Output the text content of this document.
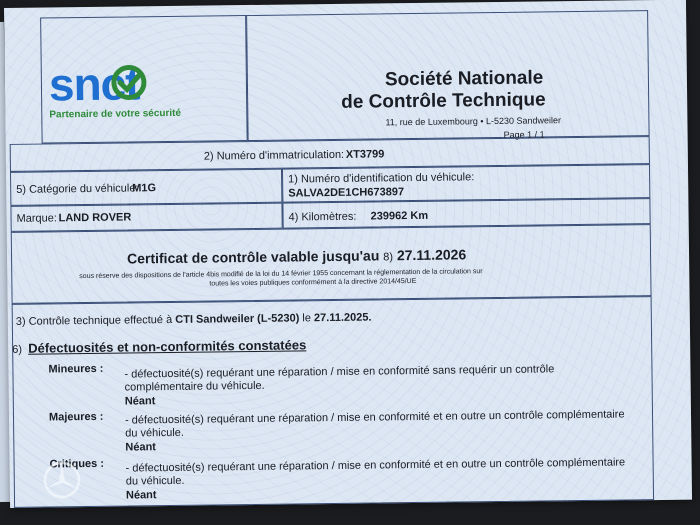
snct
Partenaire de votre sécurité
Société Nationale
de Contrôle Technique
11, rue de Luxembourg • L-5230 Sandweiler
Page 1 / 1
2) Numéro d'immatriculation: XT3799
5) Catégorie du véhicule:
M1G
1) Numéro d'identification du véhicule:
SALVA2DE1CH673897
Marque: LAND ROVER	4) Kilomètres: 239962 Km
Certificat de contrôle valable jusqu'au 8) 27.11.2026
sous réserve des dispositions de l'article 4bis modifié de la loi du 14 février 1955 concernant la réglementation de la circulation sur
toutes les voies publiques conformément à la directive 2014/45/UE
3) Contrôle technique effectué à CTI Sandweiler (L-5230) le 27.11.2025.
6) Défectuosités et non-conformités constatées
Mineures : - défectuosité(s) requérant une réparation / mise en conformité sans requérir un contrôle
complémentaire du véhicule.
Néant
Majeures : - défectuosité(s) requérant une réparation / mise en conformité et en outre un contrôle complémentaire
du véhicule.
Néant
Critiques : - défectuosité(s) requérant une réparation / mise en conformité et en outre un contrôle complémentaire
du véhicule.
Néant
